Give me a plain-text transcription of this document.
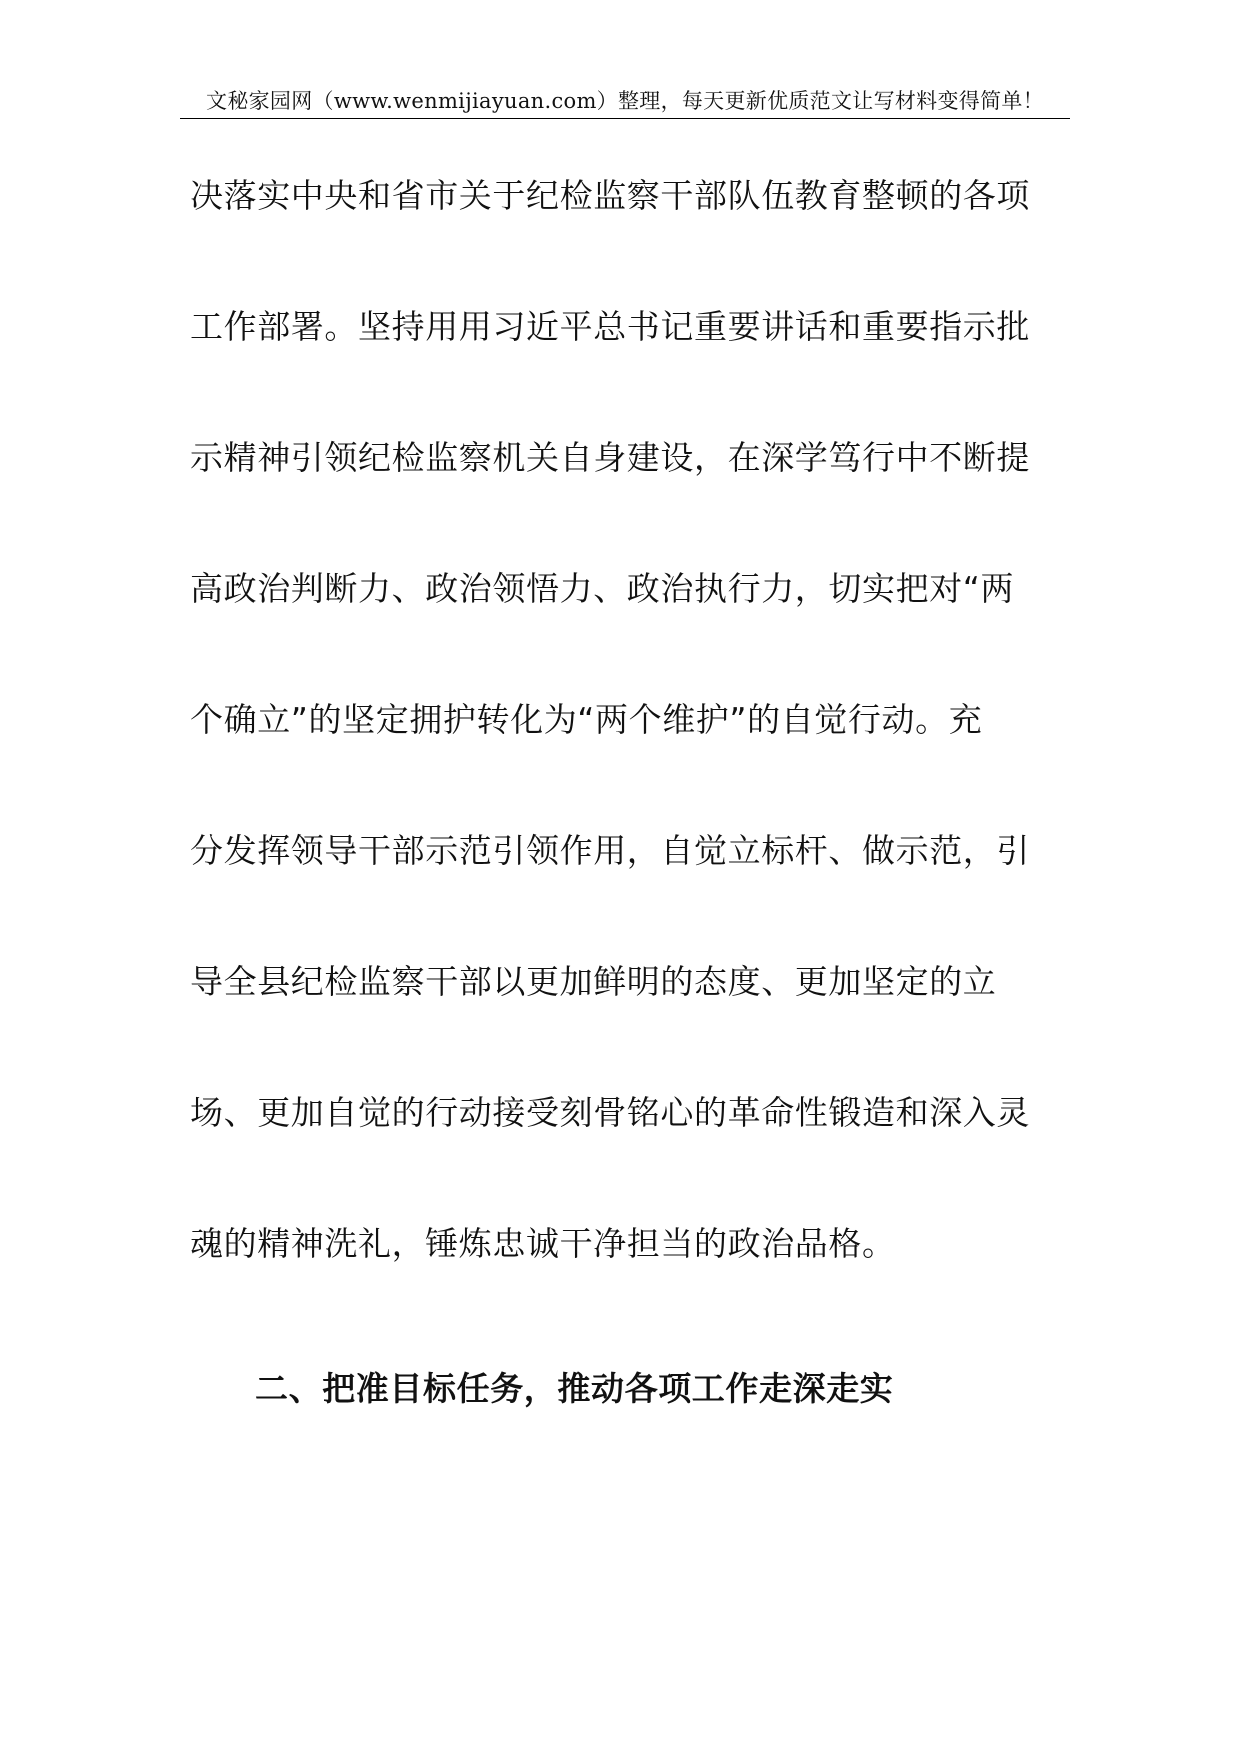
文秘家园网（www.wenmijiayuan.com）整理，每天更新优质范文让写材料变得简单！
决落实中央和省市关于纪检监察干部队伍教育整顿的各项
工作部署。坚持用用习近平总书记重要讲话和重要指示批
示精神引领纪检监察机关自身建设，在深学笃行中不断提
高政治判断力、政治领悟力、政治执行力，切实把对“两
个确立”的坚定拥护转化为“两个维护”的自觉行动。充
分发挥领导干部示范引领作用，自觉立标杆、做示范，引
导全县纪检监察干部以更加鲜明的态度、更加坚定的立
场、更加自觉的行动接受刻骨铭心的革命性锻造和深入灵
魂的精神洗礼，锤炼忠诚干净担当的政治品格。
二、把准目标任务，推动各项工作走深走实
